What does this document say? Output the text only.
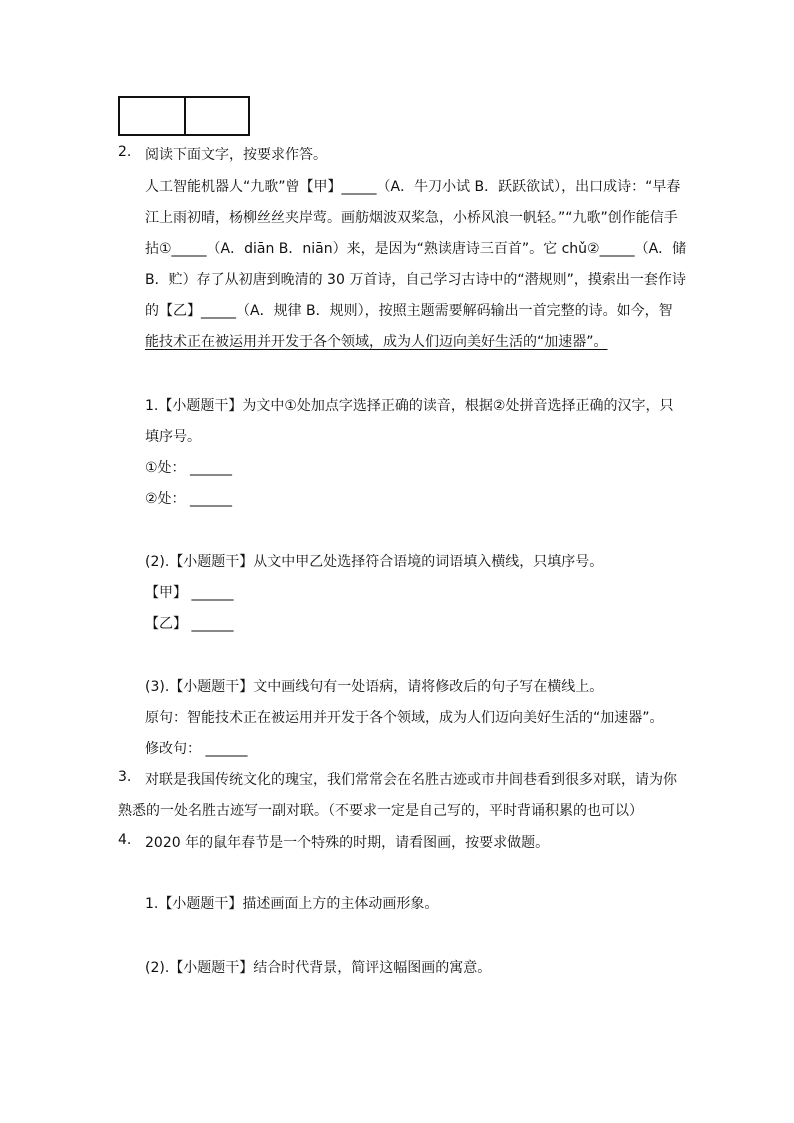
2. 阅读下面文字，按要求作答。
人工智能机器人“九歌”曾【甲】_____（A．牛刀小试 B．跃跃欲试），出口成诗：“早春
江上雨初晴，杨柳丝丝夹岸莺。画舫烟波双桨急，小桥风浪一帆轻。”“九歌”创作能信手
拈①_____（A．diān B．niān）来，是因为“熟读唐诗三百首”。它 chǔ②_____（A．储
B．贮）存了从初唐到晚清的 30 万首诗，自己学习古诗中的“潜规则”，摸索出一套作诗
的【乙】_____（A．规律 B．规则），按照主题需要解码输出一首完整的诗。如今，智
能技术正在被运用并开发于各个领域，成为人们迈向美好生活的“加速器”。
1.【小题题干】为文中①处加点字选择正确的读音，根据②处拼音选择正确的汉字，只
填序号。
①处： ______
②处： ______
(2).【小题题干】从文中甲乙处选择符合语境的词语填入横线，只填序号。
【甲】 ______
【乙】 ______
(3).【小题题干】文中画线句有一处语病，请将修改后的句子写在横线上。
原句：智能技术正在被运用并开发于各个领域，成为人们迈向美好生活的“加速器”。
修改句： ______
3. 对联是我国传统文化的瑰宝，我们常常会在名胜古迹或市井闾巷看到很多对联，请为你
熟悉的一处名胜古迹写一副对联。（不要求一定是自己写的，平时背诵积累的也可以）
4. 2020 年的鼠年春节是一个特殊的时期，请看图画，按要求做题。
1.【小题题干】描述画面上方的主体动画形象。
(2).【小题题干】结合时代背景，简评这幅图画的寓意。
